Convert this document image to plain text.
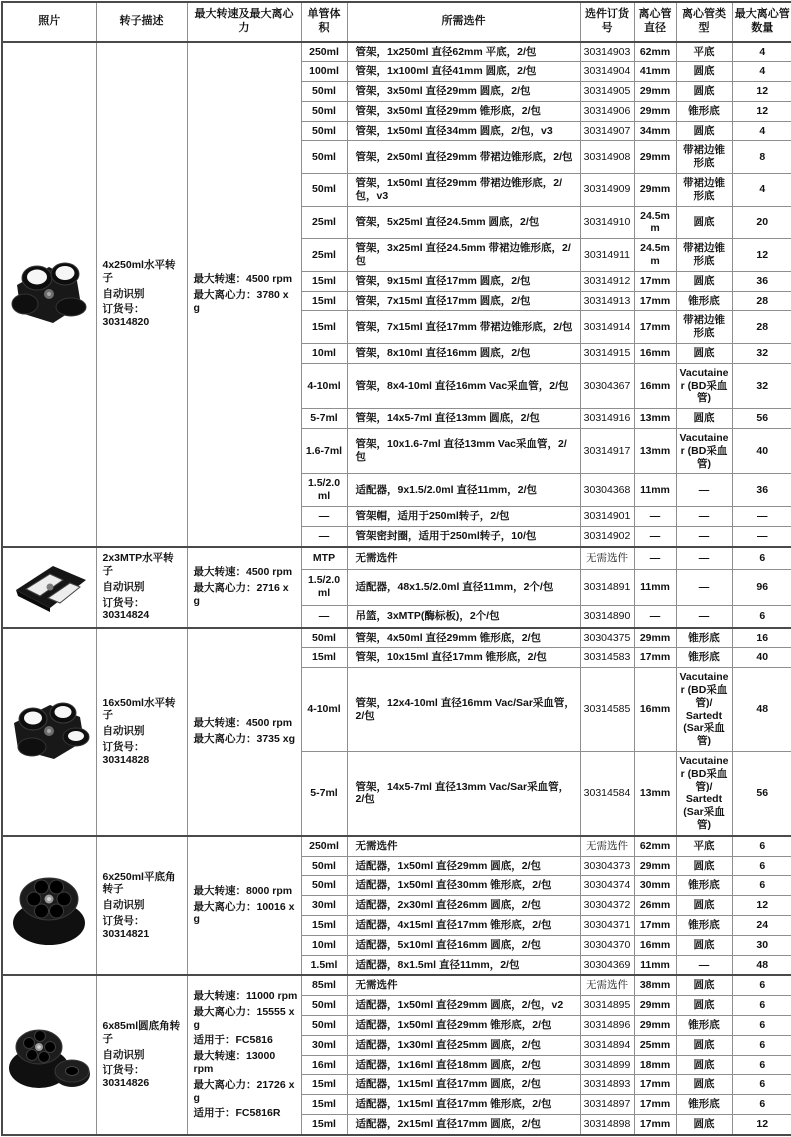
照片	转子描述	最大转速及最大离心力	单管体积	所需选件	选件订货号	离心管直径	离心管类型	最大离心管数量

4x250ml水平转子
自动识别
订货号：30314820

最大转速：4500 rpm
最大离心力：3780 x g
	250ml	管架，1x250ml 直径62mm 平底，2/包	30314903	62mm	平底	4
			100ml	管架，1x100ml 直径41mm 圆底，2/包	30314904	41mm	圆底	4
			50ml	管架，3x50ml 直径29mm 圆底，2/包	30314905	29mm	圆底	12
			50ml	管架，3x50ml 直径29mm 锥形底，2/包	30314906	29mm	锥形底	12
			50ml	管架，1x50ml 直径34mm 圆底，2/包，v3	30314907	34mm	圆底	4
			50ml	管架，2x50ml 直径29mm 带裙边锥形底，2/包	30314908	29mm	带裙边锥形底	8
			50ml	管架，1x50ml 直径29mm 带裙边锥形底，2/包，v3	30314909	29mm	带裙边锥形底	4
			25ml	管架，5x25ml 直径24.5mm 圆底，2/包	30314910	24.5mm	圆底	20
			25ml	管架，3x25ml 直径24.5mm 带裙边锥形底，2/包	30314911	24.5mm	带裙边锥形底	12
			15ml	管架，9x15ml 直径17mm 圆底，2/包	30314912	17mm	圆底	36
			15ml	管架，7x15ml 直径17mm 圆底，2/包	30314913	17mm	锥形底	28
			15ml	管架，7x15ml 直径17mm 带裙边锥形底，2/包	30314914	17mm	带裙边锥形底	28
			10ml	管架，8x10ml 直径16mm 圆底，2/包	30314915	16mm	圆底	32
			4-10ml	管架，8x4-10ml 直径16mm Vac采血管，2/包	30304367	16mm	Vacutainer (BD采血管)	32
			5-7ml	管架，14x5-7ml 直径13mm 圆底，2/包	30314916	13mm	圆底	56
			1.6-7ml	管架，10x1.6-7ml 直径13mm Vac采血管，2/包	30314917	13mm	Vacutainer (BD采血管)	40
			1.5/2.0ml	适配器，9x1.5/2.0ml 直径11mm，2/包	30304368	11mm	—	36
			—	管架帽，适用于250ml转子，2/包	30314901	—	—	—
			—	管架密封圈，适用于250ml转子，10/包	30314902	—	—	—

2x3MTP水平转子
自动识别
订货号：30314824

最大转速：4500 rpm
最大离心力：2716 x g
	MTP	无需选件	无需选件	—	—	6
			1.5/2.0ml	适配器，48x1.5/2.0ml 直径11mm，2个/包	30314891	11mm	—	96
			—	吊篮，3xMTP(酶标板)，2个/包	30314890	—	—	6

16x50ml水平转子
自动识别
订货号：30314828

最大转速：4500 rpm
最大离心力：3735 xg
	50ml	管架，4x50ml 直径29mm 锥形底，2/包	30304375	29mm	锥形底	16
			15ml	管架，10x15ml 直径17mm 锥形底，2/包	30314583	17mm	锥形底	40
			4-10ml	管架，12x4-10ml 直径16mm Vac/Sar采血管，2/包	30314585	16mm	Vacutainer (BD采血管)/ Sartedt (Sar采血管)	48
			5-7ml	管架，14x5-7ml 直径13mm Vac/Sar采血管，2/包	30314584	13mm	Vacutainer (BD采血管)/ Sartedt (Sar采血管)	56

6x250ml平底角转子
自动识别
订货号：30314821

最大转速：8000 rpm
最大离心力：10016 x g
	250ml	无需选件	无需选件	62mm	平底	6
			50ml	适配器，1x50ml 直径29mm 圆底，2/包	30304373	29mm	圆底	6
			50ml	适配器，1x50ml 直径30mm 锥形底，2/包	30304374	30mm	锥形底	6
			30ml	适配器，2x30ml 直径26mm 圆底，2/包	30304372	26mm	圆底	12
			15ml	适配器，4x15ml 直径17mm 锥形底，2/包	30304371	17mm	锥形底	24
			10ml	适配器，5x10ml 直径16mm 圆底，2/包	30304370	16mm	圆底	30
			1.5ml	适配器，8x1.5ml 直径11mm，2/包	30304369	11mm	—	48

6x85ml圆底角转子
自动识别
订货号：30314826

最大转速：11000 rpm
最大离心力：15555 x g
适用于：FC5816
最大转速：13000 rpm
最大离心力：21726 x g
适用于：FC5816R
	85ml	无需选件	无需选件	38mm	圆底	6
			50ml	适配器，1x50ml 直径29mm 圆底，2/包，v2	30314895	29mm	圆底	6
			50ml	适配器，1x50ml 直径29mm 锥形底，2/包	30314896	29mm	锥形底	6
			30ml	适配器，1x30ml 直径25mm 圆底，2/包	30314894	25mm	圆底	6
			16ml	适配器，1x16ml 直径18mm 圆底，2/包	30314899	18mm	圆底	6
			15ml	适配器，1x15ml 直径17mm 圆底，2/包	30314893	17mm	圆底	6
			15ml	适配器，1x15ml 直径17mm 锥形底，2/包	30314897	17mm	锥形底	6
			15ml	适配器，2x15ml 直径17mm 圆底，2/包	30314898	17mm	圆底	12
